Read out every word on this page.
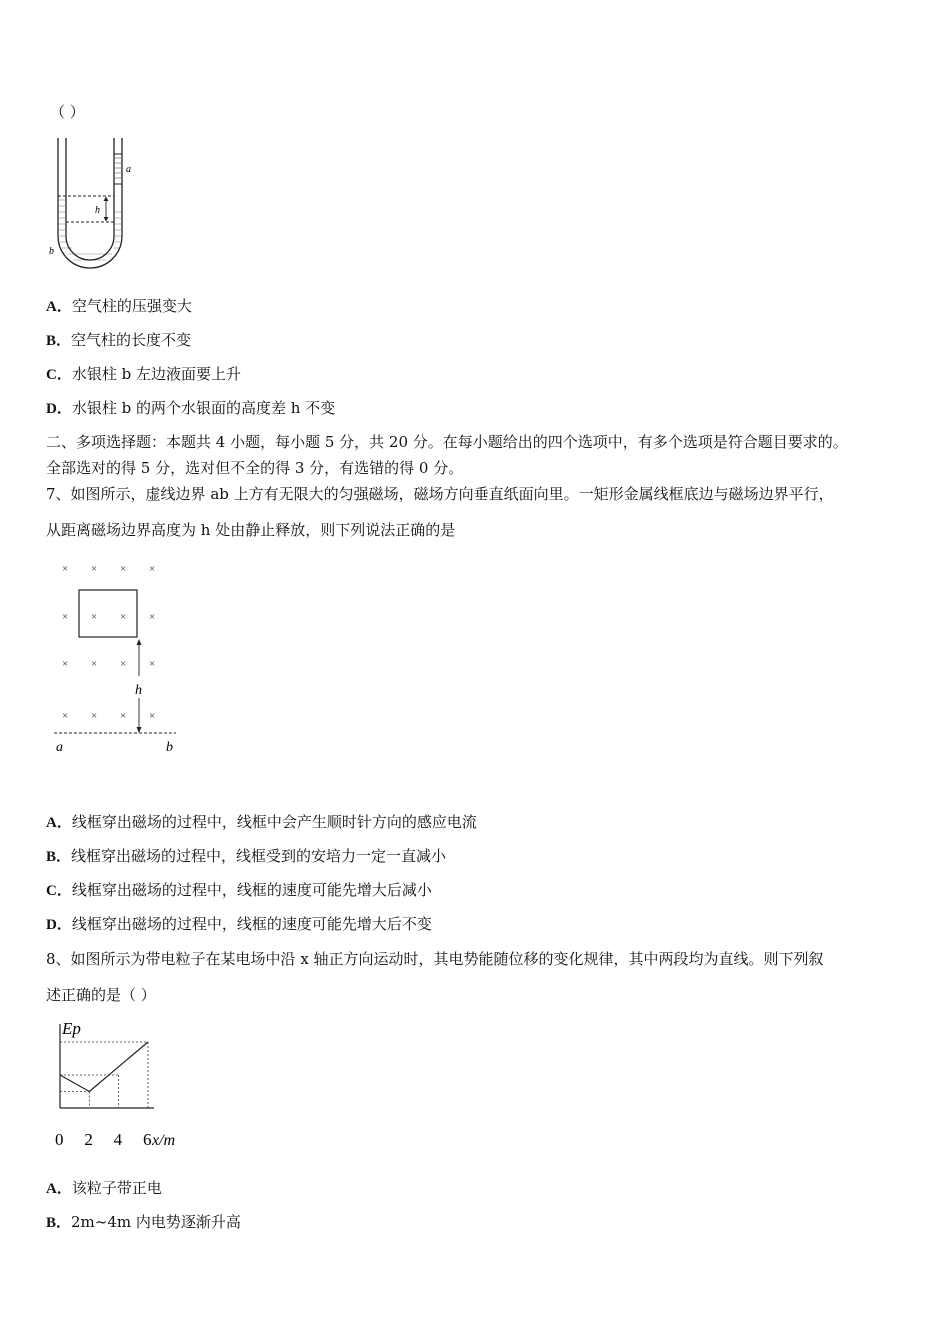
（ ）
h
a
b
A．空气柱的压强变大
B．空气柱的长度不变
C．水银柱 b 左边液面要上升
D．水银柱 b 的两个水银面的高度差 h 不变
二、多项选择题：本题共 4 小题，每小题 5 分，共 20 分。在每小题给出的四个选项中，有多个选项是符合题目要求的。
全部选对的得 5 分，选对但不全的得 3 分，有选错的得 0 分。
7、如图所示，虚线边界 ab 上方有无限大的匀强磁场，磁场方向垂直纸面向里。一矩形金属线框底边与磁场边界平行，
从距离磁场边界高度为 h 处由静止释放，则下列说法正确的是
× × × ×
× × × ×
× × × ×
× × × ×
h
a	b
A．线框穿出磁场的过程中，线框中会产生顺时针方向的感应电流
B．线框穿出磁场的过程中，线框受到的安培力一定一直减小
C．线框穿出磁场的过程中，线框的速度可能先增大后减小
D．线框穿出磁场的过程中，线框的速度可能先增大后不变
8、如图所示为带电粒子在某电场中沿 x 轴正方向运动时，其电势能随位移的变化规律，其中两段均为直线。则下列叙
述正确的是（ ）
0 2 4 6
Ep
x/m
A．该粒子带正电
B．2m~4m 内电势逐渐升高
